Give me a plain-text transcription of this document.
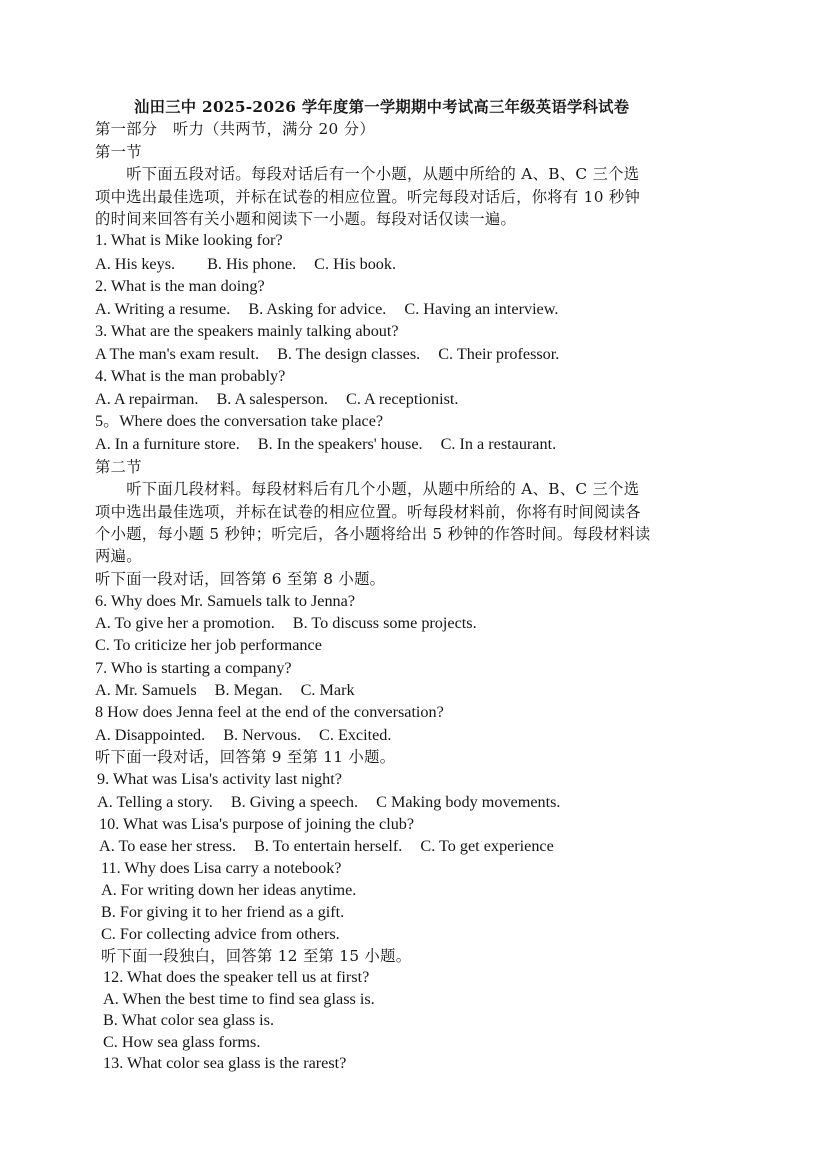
汕田三中 2025-2026 学年度第一学期期中考试高三年级英语学科试卷
第一部分　听力（共两节，满分 20 分）
第一节
　　听下面五段对话。每段对话后有一个小题，从题中所给的 A、B、C 三个选
项中选出最佳选项，并标在试卷的相应位置。听完每段对话后，你将有 10 秒钟
的时间来回答有关小题和阅读下一小题。每段对话仅读一遍。
1. What is Mike looking for?
A. His keys. B. His phone. C. His book.
2. What is the man doing?
A. Writing a resume. B. Asking for advice. C. Having an interview.
3. What are the speakers mainly talking about?
A The man's exam result. B. The design classes. C. Their professor.
4. What is the man probably?
A. A repairman. B. A salesperson. C. A receptionist.
5。Where does the conversation take place?
A. In a furniture store. B. In the speakers' house. C. In a restaurant.
第二节
　　听下面几段材料。每段材料后有几个小题，从题中所给的 A、B、C 三个选
项中选出最佳选项，并标在试卷的相应位置。听每段材料前，你将有时间阅读各
个小题，每小题 5 秒钟；听完后，各小题将给出 5 秒钟的作答时间。每段材料读
两遍。
听下面一段对话，回答第 6 至第 8 小题。
6. Why does Mr. Samuels talk to Jenna?
A. To give her a promotion. B. To discuss some projects.
C. To criticize her job performance
7. Who is starting a company?
A. Mr. Samuels B. Megan. C. Mark
8 How does Jenna feel at the end of the conversation?
A. Disappointed. B. Nervous. C. Excited.
听下面一段对话，回答第 9 至第 11 小题。
9. What was Lisa's activity last night?
A. Telling a story. B. Giving a speech. C Making body movements.
10. What was Lisa's purpose of joining the club?
A. To ease her stress. B. To entertain herself. C. To get experience
11. Why does Lisa carry a notebook?
A. For writing down her ideas anytime.
B. For giving it to her friend as a gift.
C. For collecting advice from others.
听下面一段独白，回答第 12 至第 15 小题。
12. What does the speaker tell us at first?
A. When the best time to find sea glass is.
B. What color sea glass is.
C. How sea glass forms.
13. What color sea glass is the rarest?
